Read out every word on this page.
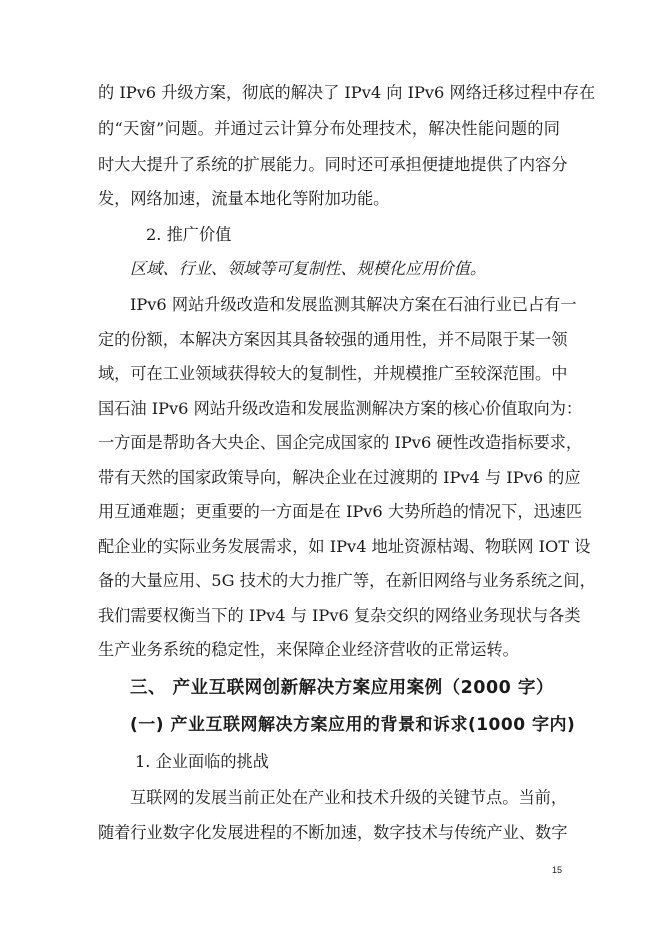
的 IPv6 升级方案，彻底的解决了 IPv4 向 IPv6 网络迁移过程中存在
的“天窗”问题。并通过云计算分布处理技术，解决性能问题的同
时大大提升了系统的扩展能力。同时还可承担便捷地提供了内容分
发，网络加速，流量本地化等附加功能。
2. 推广价值
区域、行业、领域等可复制性、规模化应用价值。
IPv6 网站升级改造和发展监测其解决方案在石油行业已占有一
定的份额，本解决方案因其具备较强的通用性，并不局限于某一领
域，可在工业领域获得较大的复制性，并规模推广至较深范围。中
国石油 IPv6 网站升级改造和发展监测解决方案的核心价值取向为：
一方面是帮助各大央企、国企完成国家的 IPv6 硬性改造指标要求，
带有天然的国家政策导向，解决企业在过渡期的 IPv4 与 IPv6 的应
用互通难题；更重要的一方面是在 IPv6 大势所趋的情况下，迅速匹
配企业的实际业务发展需求，如 IPv4 地址资源枯竭、物联网 IOT 设
备的大量应用、5G 技术的大力推广等，在新旧网络与业务系统之间，
我们需要权衡当下的 IPv4 与 IPv6 复杂交织的网络业务现状与各类
生产业务系统的稳定性，来保障企业经济营收的正常运转。
三、 产业互联网创新解决方案应用案例（2000 字）
(一) 产业互联网解决方案应用的背景和诉求(1000 字内)
1. 企业面临的挑战
互联网的发展当前正处在产业和技术升级的关键节点。当前，
随着行业数字化发展进程的不断加速，数字技术与传统产业、数字
15
